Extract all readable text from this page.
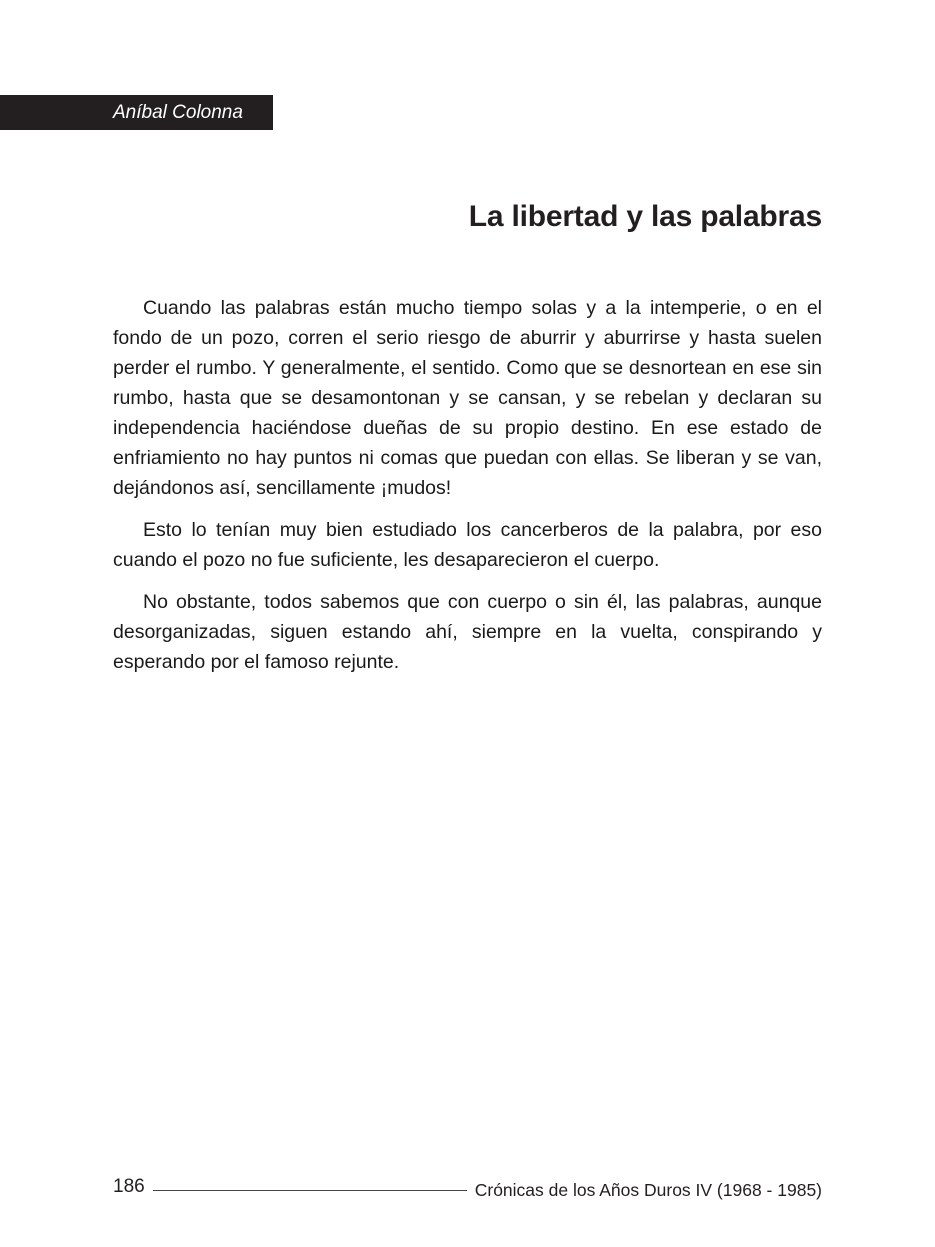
Aníbal Colonna
La libertad y las palabras

Cuando las palabras están mucho tiempo solas y a la intemperie, o en el fondo de un pozo, corren el serio riesgo de aburrir y aburrirse y hasta suelen perder el rumbo. Y generalmente, el sentido. Como que se desnortean en ese sin rumbo, hasta que se desamontonan y se cansan, y se rebelan y declaran su independencia haciéndose dueñas de su propio destino. En ese estado de enfriamiento no hay puntos ni comas que puedan con ellas. Se liberan y se van, dejándonos así, sencillamente ¡mudos!

Esto lo tenían muy bien estudiado los cancerberos de la palabra, por eso cuando el pozo no fue suficiente, les desaparecieron el cuerpo.

No obstante, todos sabemos que con cuerpo o sin él, las palabras, aunque desorganizadas, siguen estando ahí, siempre en la vuelta, conspirando y esperando por el famoso rejunte.

186	Crónicas de los Años Duros IV (1968 - 1985)
